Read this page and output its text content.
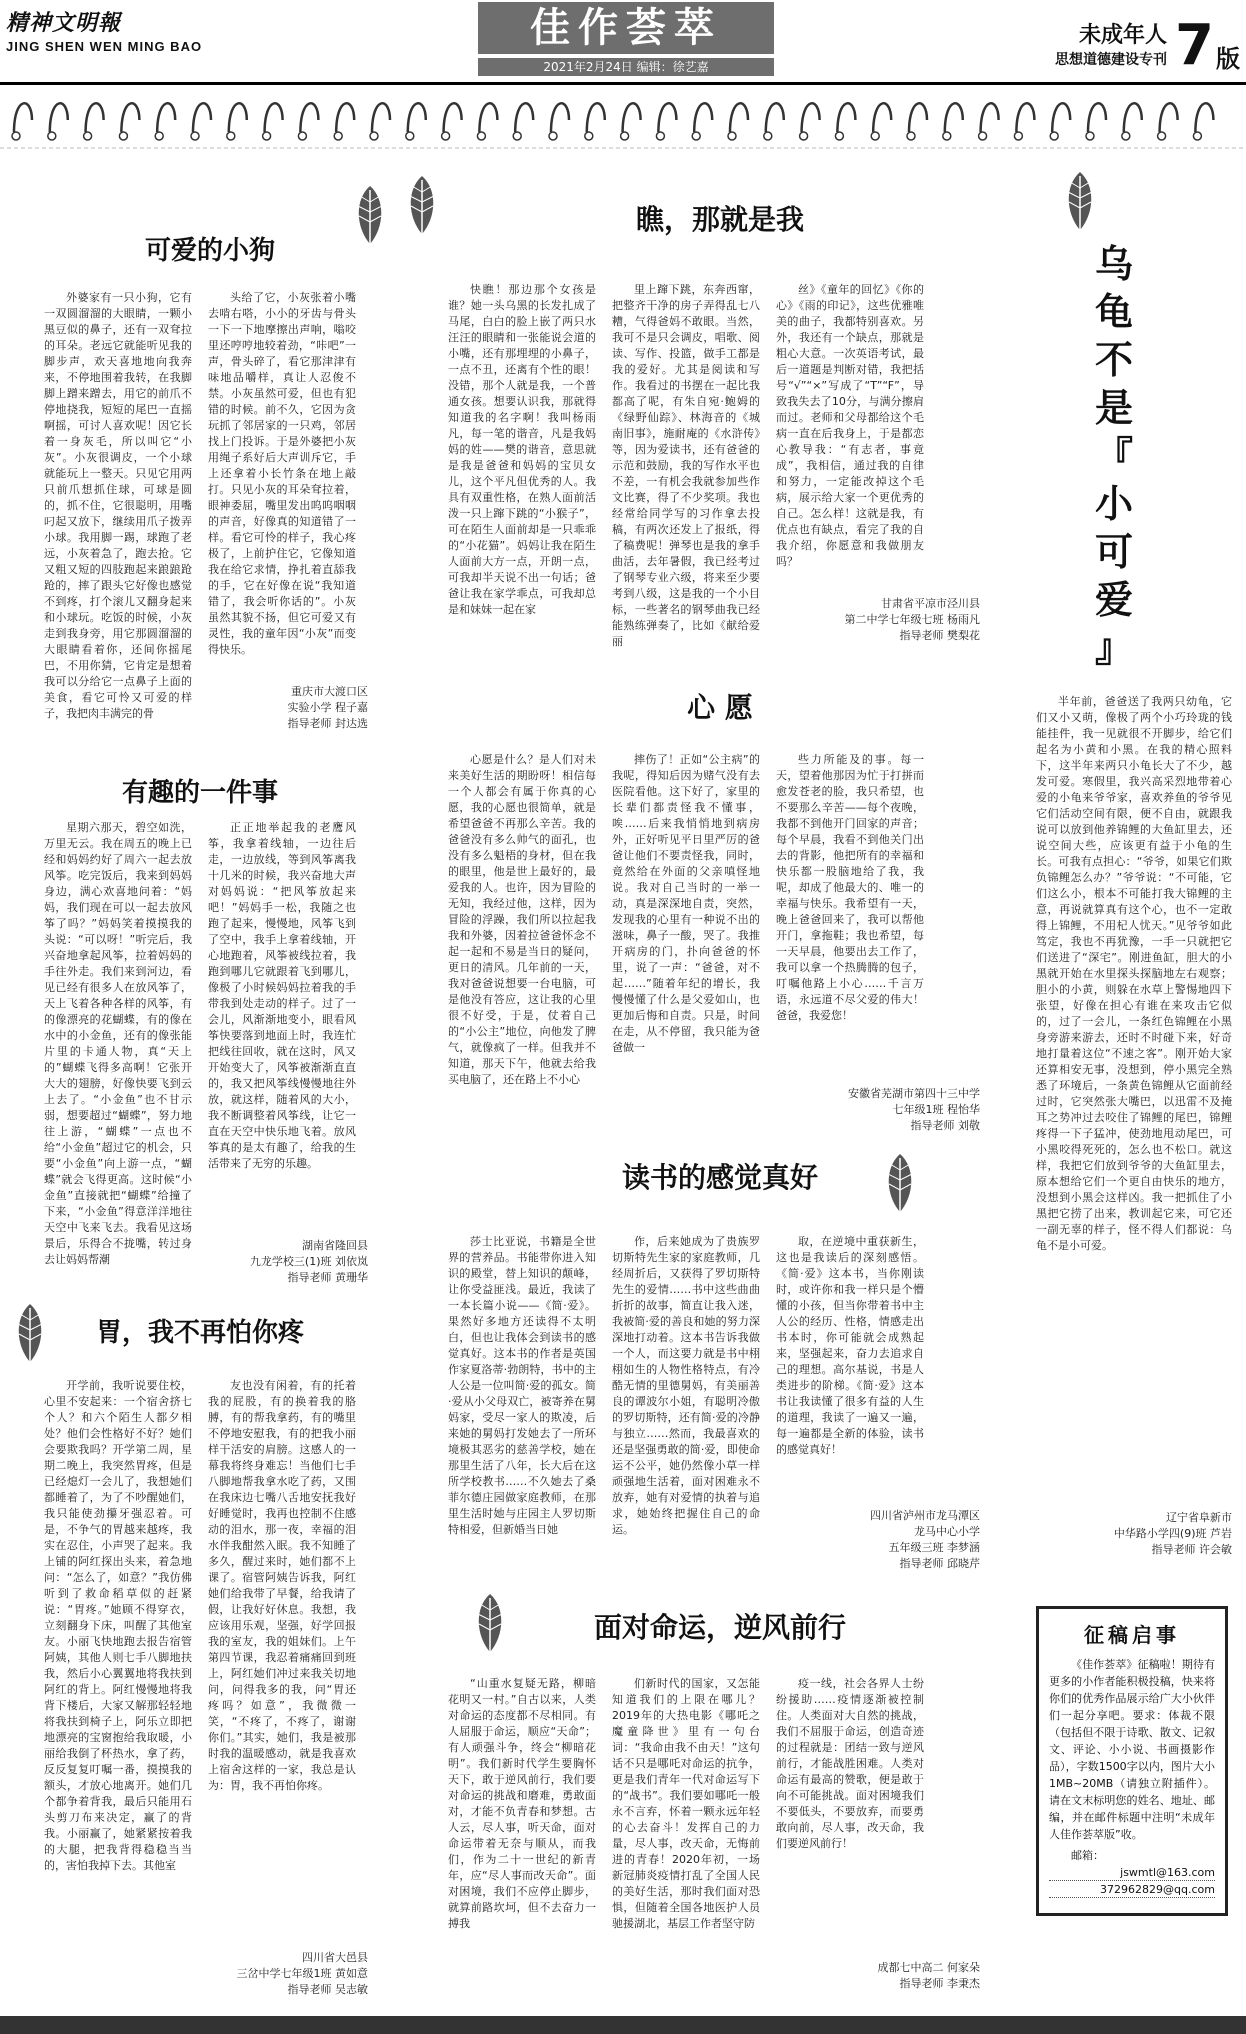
精神文明報
JING SHEN WEN MING BAO	佳作荟萃
2021年2月24日 编辑：徐艺嘉
未成年人
思想道德建设专刊 7 版
可爱的小狗

外婆家有一只小狗，它有一双圆溜溜的大眼睛，一颗小黑豆似的鼻子，还有一双耷拉的耳朵。老远它就能听见我的脚步声，欢天喜地地向我奔来，不停地围着我转，在我脚脚上蹭来蹭去，用它的前爪不停地挠我，短短的尾巴一直摇啊摇，可讨人喜欢呢！因它长着一身灰毛，所以叫它“小灰”。小灰很调皮，一个小球就能玩上一整天。只见它用两只前爪想抓住球，可球是圆的，抓不住，它很聪明，用嘴叼起又放下，继续用爪子拨弄小球。我用脚一踢，球跑了老远，小灰着急了，跑去抢。它又粗又短的四肢跑起来踉踉跄跄的，摔了跟头它好像也感觉不到疼，打个滚儿又翻身起来和小球玩。吃饭的时候，小灰走到我身旁，用它那圆溜溜的大眼睛看着你，还间你摇尾巴，不用你猜，它肯定是想着我可以分给它一点鼻子上面的美食，看它可怜又可爱的样子，我把肉丰满完的骨

头给了它，小灰张着小嘴去啃右嗒，小小的牙齿与骨头一下一下地摩擦出声响，嗡咬里还哼哼地较着劲，“咔吧”一声，骨头碎了，看它那津津有味地品嚼样，真让人忍俊不禁。小灰虽然可爱，但也有犯错的时候。前不久，它因为贪玩抓了邻居家的一只鸡，邻居找上门投诉。于是外婆把小灰用绳子系好后大声训斥它，手上还拿着小长竹条在地上敲打。只见小灰的耳朵耷拉着，眼神委屈，嘴里发出呜呜咽咽的声音，好像真的知道错了一样。看它可怜的样子，我心疼极了，上前护住它，它像知道我在给它求情，挣扎着直舔我的手，它在好像在说“我知道错了，我会听你话的”。小灰虽然其貌不扬，但它可爱又有灵性，我的童年因“小灰”而变得快乐。

重庆市大渡口区
实验小学 程子嘉
指导老师 封达选
有趣的一件事

星期六那天，碧空如洗，万里无云。我在周五的晚上已经和妈妈约好了周六一起去放风筝。吃完饭后，我来到妈妈身边，满心欢喜地问着：“妈妈，我们现在可以一起去放风筝了吗？”妈妈笑着摸摸我的头说：“可以呀！”听完后，我兴奋地拿起风筝，拉着妈妈的手往外走。我们来到河边，看见已经有很多人在放风筝了，天上飞着各种各样的风筝，有的像漂亮的花蝴蝶，有的像在水中的小金鱼，还有的像张能片里的卡通人物，真“天上的”蝴蝶飞得多高啊！它张开大大的翅膀，好像快要飞到云上去了。“小金鱼”也不甘示弱，想要超过“蝴蝶”，努力地往上游，“蝴蝶”一点也不给“小金鱼”超过它的机会，只要“小金鱼”向上游一点，“蝴蝶”就会飞得更高。这时候“小金鱼”直接就把“蝴蝶”给撞了下来，“小金鱼”得意洋洋地往天空中飞来飞去。我看见这场景后，乐得合不拢嘴，转过身去让妈妈帮潮

正正地举起我的老鹰风筝，我拿着线轴，一边往后走，一边放线，等到风筝离我十几米的时候，我兴奋地大声对妈妈说：“把风筝放起来吧！”妈妈手一松，我随之也跑了起来，慢慢地，风筝飞到了空中，我手上拿着线轴，开心地跑着，风筝被线拉着，我跑到哪儿它就跟着飞到哪儿，像极了小时候妈妈拉着我的手带我到处走动的样子。过了一会儿，风渐渐地变小，眼看风筝快要落到地面上时，我连忙把线往回收，就在这时，风又开始变大了，风筝被渐渐直直的，我又把风筝线慢慢地往外放，就这样，随着风的大小，我不断调整着风筝线，让它一直在天空中快乐地飞着。放风筝真的是太有趣了，给我的生活带来了无穷的乐趣。

湖南省隆回县
九龙学校三(1)班 刘依岚
指导老师 黄珊华
胃，我不再怕你疼

开学前，我听说要住校，心里不安起来：一个宿舍挤七个人？和六个陌生人都夕相处？他们会性格好不好？她们会要欺我吗？开学第二周，星期二晚上，我突然胃疼，但是已经熄灯一会儿了，我想她们都睡着了，为了不吵醒她们，我只能使劲攥牙强忍着。可是，不争气的胃越来越疼，我实在忍住，小声哭了起来。我上铺的阿红探出头来，着急地问：“怎么了，如意？”我仿佛听到了救命稻草似的赶紧说：“胃疼。”她顾不得穿衣，立刻翻身下床，叫醒了其他室友。小丽飞快地跑去报告宿管阿姨，其他人则七手八脚地扶我，然后小心翼翼地将我扶到阿红的背上。阿红慢慢地将我背下楼后，大家又解那轻轻地将我扶到椅子上，阿乐立即把地漂亮的宝窗抱给我取暖，小丽给我倒了杯热水，拿了药，反反复复叮嘱一番，摸摸我的额头，才放心地离开。她们几个都争着背我，最后只能用石头剪刀布来决定，赢了的背我。小丽赢了，她紧紧按着我的大腿，把我背得稳稳当当的，害怕我掉下去。其他室

友也没有闲着，有的托着我的屁股，有的换着我的胳膊，有的帮我拿药，有的嘴里不停地安慰我，有的把我小丽样干活安的肩膀。这感人的一幕我将终身难忘！当他们七手八脚地帮我拿水吃了药，又围在我床边七嘴八舌地安抚我好好睡觉时，我再也控制不住感动的泪水，那一夜，幸福的泪水伴我酣然入眠。我不知睡了多久，醒过来时，她们都不上课了。宿管阿姨告诉我，阿红她们给我带了早餐，给我请了假，让我好好休息。我想，我应该用乐观，坚强，好学回报我的室友，我的姐妹们。上午第四节课，我忍着痛痛回到班上，阿红她们冲过来我关切地问，问得我多的我，问“胃还疼吗？如意”，我微微一笑，“不疼了，不疼了，谢谢你们。”其实，她们，我是被那时我的温暖感动，就是我喜欢上宿舍这样的一家，我总是认为：胃，我不再怕你疼。

四川省大邑县
三岔中学七年级1班 黄如意
指导老师 吴志敏
瞧，那就是我

快瞧！那边那个女孩是谁？她一头乌黑的长发扎成了马尾，白白的脸上嵌了两只水汪汪的眼睛和一张能说会道的小嘴，还有那埋埋的小鼻子，一点不丑，还离有个性的眼！没错，那个人就是我，一个普通女孩。想要认识我，那就得知道我的名字啊！我叫杨雨凡，每一笔的谐音，凡是我妈妈的姓——樊的谐音，意思就是我是爸爸和妈妈的宝贝女儿，这个平凡但优秀的人。我具有双重性格，在熟人面前活泼一只上蹿下跳的“小猴子”，可在陌生人面前却是一只乖乖的“小花猫”。妈妈让我在陌生人面前大方一点，开朗一点，可我却半天说不出一句话；爸爸让我在家学乖点，可我却总是和妹妹一起在家

里上蹿下跳，东奔西窜，把整齐干净的房子弄得乱七八糟，气得爸妈不敢眼。当然，我可不是只会调皮，唱歌、阅读、写作、投篮，做手工都是我的爱好。尤其是阅读和写作。我看过的书摆在一起比我都高了呢，有朱自宛·鲍姆的《绿野仙踪》、林海音的《城南旧事》，施耐庵的《水浒传》等，因为爱读书，还有爸爸的示范和鼓励，我的写作水平也不差，一有机会我就参加些作文比赛，得了不少奖项。我也经常给同学写的习作拿去投稿，有两次还发上了报纸，得了稿费呢！弹琴也是我的拿手曲活，去年暑假，我已经考过了钢琴专业六级，将来至少要考到八级，这是我的一个小目标，一些著名的钢琴曲我已经能熟练弹奏了，比如《献给爱丽

丝》《童年的回忆》《你的心》《雨的印记》，这些优雅唯美的曲子，我都特别喜欢。另外，我还有一个缺点，那就是粗心大意。一次英语考试，最后一道题是判断对错，我把括号“√”“×”写成了“T”“F”，导致我失去了10分，与满分擦肩而过。老师和父母都给这个毛病一直在后我身上，于是都恋心教导我：“有志者，事竟成”，我相信，通过我的自律和努力，一定能改掉这个毛病，展示给大家一个更优秀的自己。怎么样！这就是我，有优点也有缺点，看完了我的自我介绍，你愿意和我做朋友吗？

甘肃省平凉市泾川县
第二中学七年级七班 杨雨凡
指导老师 樊梨花
心 愿

心愿是什么？是人们对未来美好生活的期盼呀！相信每一个人都会有属于你真的心愿，我的心愿也很简单，就是希望爸爸不再那么辛苦。我的爸爸没有多么帅气的面孔，也没有多么魁梧的身材，但在我的眼里，他是世上最好的，最爱我的人。也许，因为冒险的无知，我经过他，这样，因为冒险的浮躁，我们所以拉起我我和外婆，因着拉爸爸怀念不起一起和不易是当日的疑问，更日的清风。几年前的一天，我对爸爸说想要一台电脑，可是他没有答应，这让我的心里很不好受，于是，仗着自己的“小公主”地位，向他发了脾气，就像疯了一样。但我并不知道，那天下午，他就去给我买电脑了，还在路上不小心

摔伤了！正如“公主病”的我呢，得知后因为赌气没有去医院看他。这下好了，家里的长辈们都责怪我不懂事，唉……后来我悄悄地到病房外，正好听见平日里严厉的爸爸让他们不要责怪我，同时，竟然给在外面的父亲嗔怪地说。我对自己当时的一举一动，真是深深地自责，突然，发现我的心里有一种说不出的滋味，鼻子一酸，哭了。我推开病房的门，扑向爸爸的怀里，说了一声：“爸爸，对不起……”随着年纪的增长，我慢慢懂了什么是父爱如山，也更加后悔和自责。只是，时间在走，从不停留，我只能为爸爸做一

些力所能及的事。每一天，望着他那因为忙于打拼而愈发苍老的脸，我只希望，也不要那么辛苦——每个夜晚，我都不到他开门回家的声音；每个早晨，我看不到他关门出去的背影，他把所有的幸福和快乐都一股脑地给了我，我呢，却成了他最大的、唯一的幸福与快乐。我希望有一天，晚上爸爸回来了，我可以帮他开门，拿拖鞋；我也希望，每一天早晨，他要出去工作了，我可以拿一个热腾腾的包子，叮嘱他路上小心……千言万语，永远道不尽父爱的伟大！爸爸，我爱您！

安徽省芜湖市第四十三中学
七年级1班 程怡华
指导老师 刘敬
读书的感觉真好

莎士比亚说，书籍是全世界的营养品。书能带你进入知识的殿堂，替上知识的颠峰，让你受益匪浅。最近，我读了一本长篇小说——《简·爱》。果然好多地方还读得不太明白，但也让我体会到读书的感觉真好。这本书的作者是英国作家夏洛蒂·勃朗特，书中的主人公是一位叫简·爱的孤女。简·爱从小父母双亡，被寄养在舅妈家，受尽一家人的欺凌，后来她的舅妈打发她去了一所环境极其恶劣的慈善学校，她在那里生活了八年，长大后在这所学校教书……不久她去了桑菲尔德庄园做家庭教师，在那里生活时她与庄园主人罗切斯特相爱，但新婚当日她

作，后来她成为了贵族罗切斯特先生家的家庭教师，几经周折后，又获得了罗切斯特先生的爱情……书中这些曲曲折折的故事，简直让我入迷，我被简·爱的善良和她的努力深深地打动着。这本书告诉我做一个人，而这要力就是书中栩栩如生的人物性格特点，有冷酷无情的里德舅妈，有美丽善良的谭波尔小姐，有聪明冷傲的罗切斯特，还有简·爱的冷静与独立……然而，我最喜欢的还是坚强勇敢的简·爱，即使命运不公平，她仍然像小草一样顽强地生活着，面对困难永不放弃，她有对爱情的执着与追求，她始终把握住自己的命运。

取，在逆境中重获新生，这也是我读后的深刻感悟。《简·爱》这本书，当你刚读时，或许你和我一样只是个懵懂的小孩，但当你带着书中主人公的经历、性格，情感走出书本时，你可能就会成熟起来，坚强起来，奋力去追求自己的理想。高尔基说，书是人类进步的阶梯。《简·爱》这本书让我读懂了很多有益的人生的道理，我读了一遍又一遍，每一遍都是全新的体验，读书的感觉真好！

四川省泸州市龙马潭区
龙马中心小学
五年级三班 李梦涵
指导老师 邱晓芹
面对命运，逆风前行

“山重水复疑无路，柳暗花明又一村。”自古以来，人类对命运的态度都不尽相同。有人屈服于命运，顺应“天命”；有人顽强斗争，终会“柳暗花明”。我们新时代学生要胸怀天下，敢于逆风前行，我们要对命运的挑战和磨难，勇敢面对，才能不负青春和梦想。古人云，尽人事，听天命，面对命运带着无奈与顺从，而我们，作为二十一世纪的新青年，应“尽人事而改天命”。面对困境，我们不应停止脚步，就算前路坎坷，但不去奋力一搏我

们新时代的国家，又怎能知道我们的上限在哪儿？2019年的大热电影《哪吒之魔童降世》里有一句台词：“我命由我不由天！”这句话不只是哪吒对命运的抗争，更是我们青年一代对命运写下的“战书”。我们要如哪吒一般永不言弃，怀着一颗永远年轻的心去奋斗！发挥自己的力量，尽人事，改天命，无悔前进的青春！2020年初，一场新冠肺炎疫情打乱了全国人民的美好生活，那时我们面对恐惧，但随着全国各地医护人员驰援湖北，基层工作者坚守防

疫一线，社会各界人士纷纷援助……疫情逐渐被控制住。人类面对大自然的挑战，我们不屈服于命运，创造奇迹的过程就是：团结一致与逆风前行，才能战胜困难。人类对命运有最高的赞歌，便是敢于向不可能挑战。面对困境我们不要低头，不要放弃，而要勇敢向前，尽人事，改天命，我们要逆风前行！

成都七中高二 何家朵
指导老师 李秉杰
乌
龟
不
是
『
小
可
爱
』

半年前，爸爸送了我两只幼龟，它们又小又萌，像极了两个小巧玲珑的钱能挂件，我一见就很不开脚步，给它们起名为小黄和小黑。在我的精心照料下，这半年来两只小龟长大了不少，越发可爱。寒假里，我兴高采烈地带着心爱的小龟来爷爷家，喜欢养鱼的爷爷见它们活动空间有限，便不自由，就跟我说可以放到他养锦鲤的大鱼缸里去，还说空间大些，应该更有益于小龟的生长。可我有点担心：“爷爷，如果它们欺负锦鲤怎么办？”爷爷说：“不可能，它们这么小，根本不可能打我大锦鲤的主意，再说就算真有这个心，也不一定敢得上锦鲤，不用杞人忧天。”见爷爷如此笃定，我也不再犹豫，一手一只就把它们送进了“深宅”。刚进鱼缸，胆大的小黑就开始在水里探头探脑地左右观察；胆小的小黄，则躲在水草上警惕地四下张望，好像在担心有谁在来攻击它似的，过了一会儿，一条红色锦鲤在小黑身旁游来游去，还时不时碰下来，好奇地打量着这位“不速之客”。刚开始大家还算相安无事，没想到，停小黑完全熟悉了环境后，一条黄色锦鲤从它面前经过时，它突然张大嘴巴，以迅雷不及掩耳之势冲过去咬住了锦鲤的尾巴，锦鲤疼得一下子猛冲，使劲地甩动尾巴，可小黑咬得死死的，怎么也不松口。就这样，我把它们放到爷爷的大鱼缸里去，原本想给它们一个更自由快乐的地方，没想到小黑会这样凶。我一把抓住了小黑把它捞了出来，教训起它来，可它还一副无辜的样子，怪不得人们都说：乌龟不是小可爱。

辽宁省阜新市
中华路小学四(9)班 芦岩
指导老师 许会敏
征稿启事

《佳作荟萃》征稿啦！期待有更多的小作者能积极投稿，快来将你们的优秀作品展示给广大小伙伴们一起分享吧。要求：体裁不限（包括但不限于诗歌、散文、记叙文、评论、小小说、书画摄影作品），字数1500字以内，图片大小1MB~20MB（请独立附插件）。请在文末标明您的姓名、地址、邮编，并在邮件标题中注明“未成年人佳作荟萃版”收。

邮箱：
jswmtl@163.com
372962829@qq.com
